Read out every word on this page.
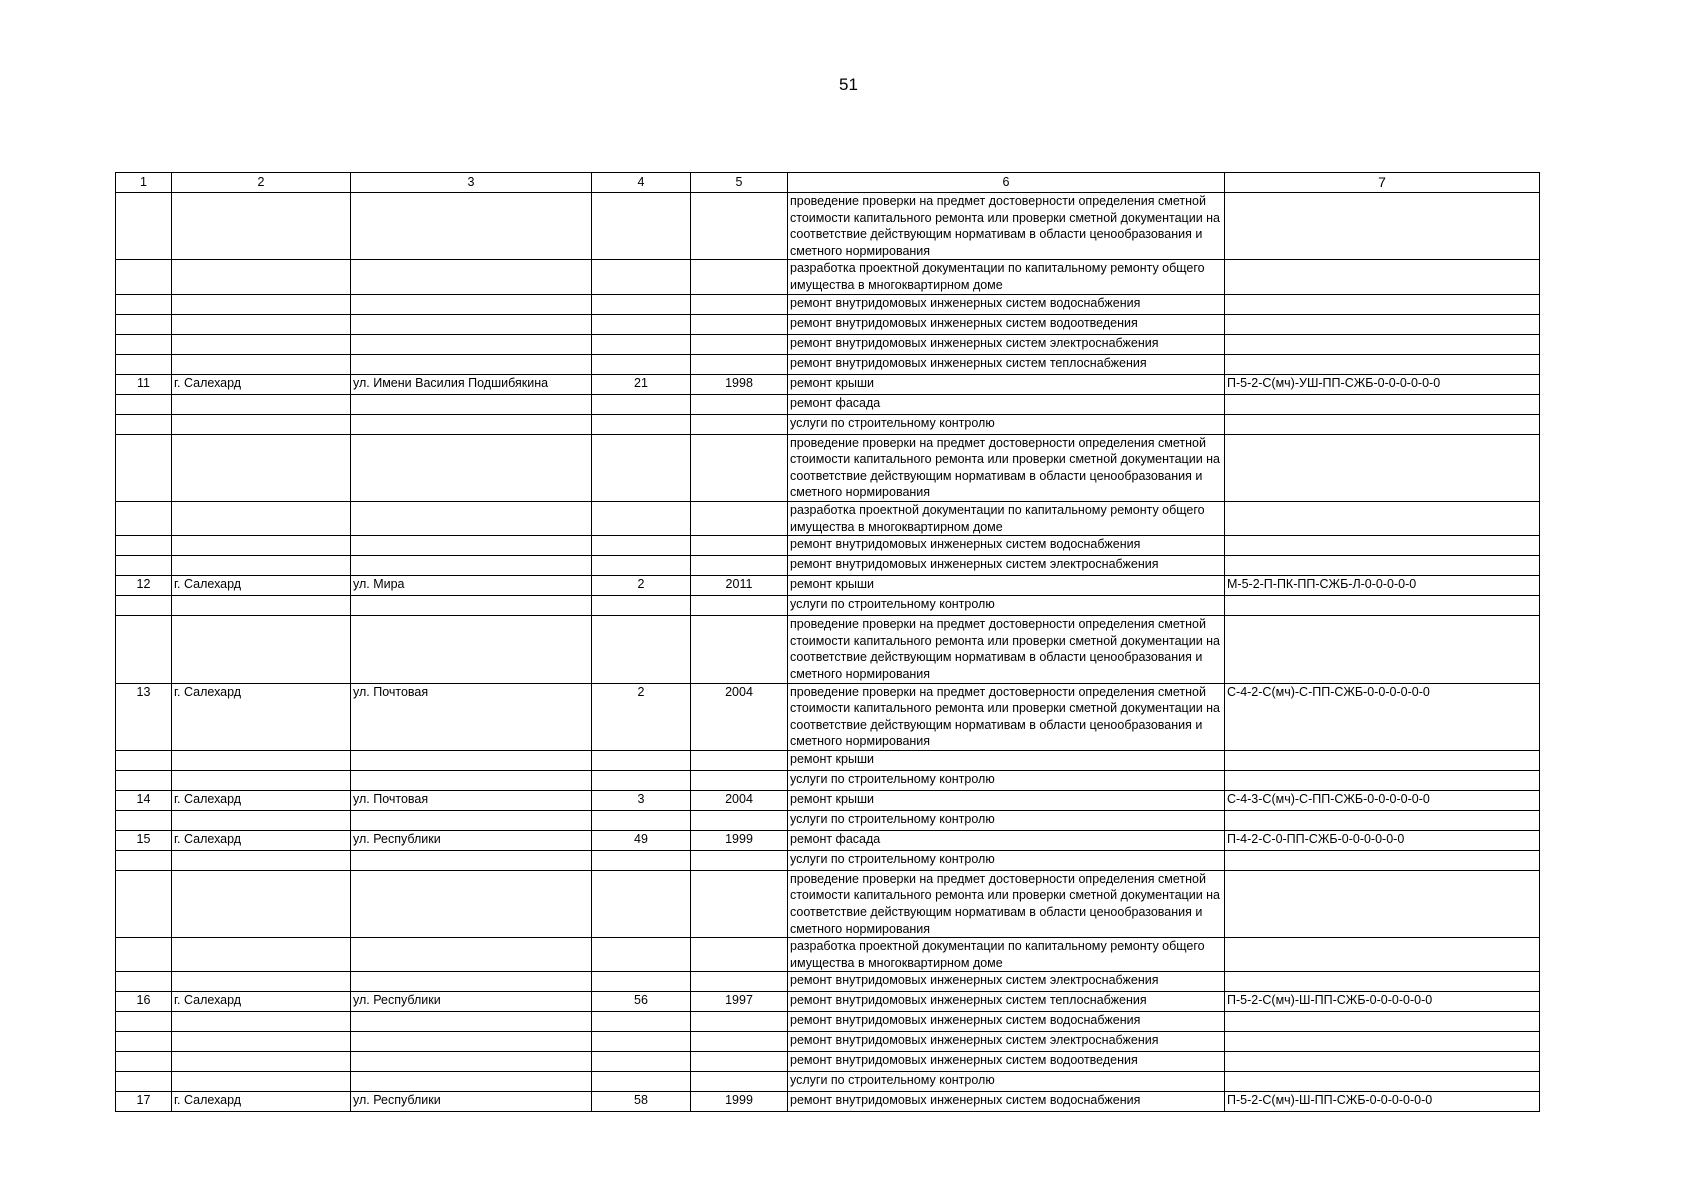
51
1	2	3	4	5	6	7
					проведение проверки на предмет достоверности определения сметной стоимости капитального ремонта или проверки сметной документации на соответствие действующим нормативам в области ценообразования и сметного нормирования	
					разработка проектной документации по капитальному ремонту общего имущества в многоквартирном доме	
					ремонт внутридомовых инженерных систем водоснабжения	
					ремонт внутридомовых инженерных систем водоотведения	
					ремонт внутридомовых инженерных систем электроснабжения	
					ремонт внутридомовых инженерных систем теплоснабжения	
11	г. Салехард	ул. Имени Василия Подшибякина	21	1998	ремонт крыши	П-5-2-С(мч)-УШ-ПП-СЖБ-0-0-0-0-0-0
					ремонт фасада	
					услуги по строительному контролю	
					проведение проверки на предмет достоверности определения сметной стоимости капитального ремонта или проверки сметной документации на соответствие действующим нормативам в области ценообразования и сметного нормирования	
					разработка проектной документации по капитальному ремонту общего имущества в многоквартирном доме	
					ремонт внутридомовых инженерных систем водоснабжения	
					ремонт внутридомовых инженерных систем электроснабжения	
12	г. Салехард	ул. Мира	2	2011	ремонт крыши	М-5-2-П-ПК-ПП-СЖБ-Л-0-0-0-0-0
					услуги по строительному контролю	
					проведение проверки на предмет достоверности определения сметной стоимости капитального ремонта или проверки сметной документации на соответствие действующим нормативам в области ценообразования и сметного нормирования	
13	г. Салехард	ул. Почтовая	2	2004	проведение проверки на предмет достоверности определения сметной стоимости капитального ремонта или проверки сметной документации на соответствие действующим нормативам в области ценообразования и сметного нормирования	С-4-2-С(мч)-С-ПП-СЖБ-0-0-0-0-0-0
					ремонт крыши	
					услуги по строительному контролю	
14	г. Салехард	ул. Почтовая	3	2004	ремонт крыши	С-4-3-С(мч)-С-ПП-СЖБ-0-0-0-0-0-0
					услуги по строительному контролю	
15	г. Салехард	ул. Республики	49	1999	ремонт фасада	П-4-2-С-0-ПП-СЖБ-0-0-0-0-0-0
					услуги по строительному контролю	
					проведение проверки на предмет достоверности определения сметной стоимости капитального ремонта или проверки сметной документации на соответствие действующим нормативам в области ценообразования и сметного нормирования	
					разработка проектной документации по капитальному ремонту общего имущества в многоквартирном доме	
					ремонт внутридомовых инженерных систем электроснабжения	
16	г. Салехард	ул. Республики	56	1997	ремонт внутридомовых инженерных систем теплоснабжения	П-5-2-С(мч)-Ш-ПП-СЖБ-0-0-0-0-0-0
					ремонт внутридомовых инженерных систем водоснабжения	
					ремонт внутридомовых инженерных систем электроснабжения	
					ремонт внутридомовых инженерных систем водоотведения	
					услуги по строительному контролю	
17	г. Салехард	ул. Республики	58	1999	ремонт внутридомовых инженерных систем водоснабжения	П-5-2-С(мч)-Ш-ПП-СЖБ-0-0-0-0-0-0
